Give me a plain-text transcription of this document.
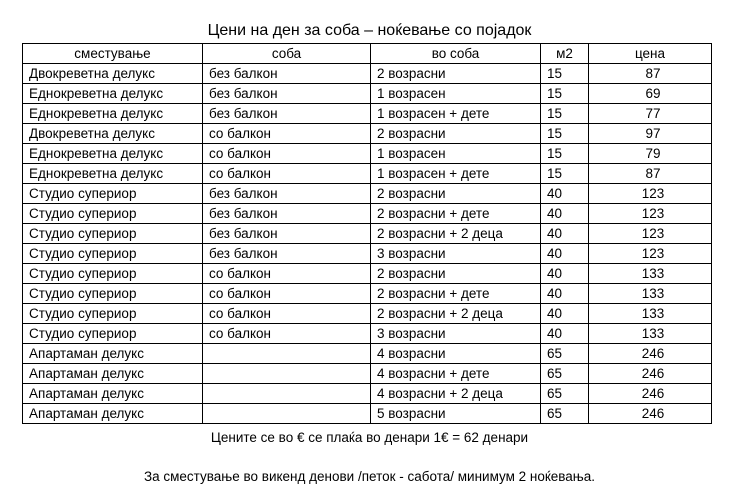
Цени на ден за соба – ноќевање со појадок
сместување	соба	во соба	м2	цена
Двокреветна делукс	без балкон	2 возрасни	15	87
Еднокреветна делукс	без балкон	1 возрасен	15	69
Еднокреветна делукс	без балкон	1 возрасен + дете	15	77
Двокреветна делукс	со балкон	2 возрасни	15	97
Еднокреветна делукс	со балкон	1 возрасен	15	79
Еднокреветна делукс	со балкон	1 возрасен + дете	15	87
Студио супериор	без балкон	2 возрасни	40	123
Студио супериор	без балкон	2 возрасни + дете	40	123
Студио супериор	без балкон	2 возрасни + 2 деца	40	123
Студио супериор	без балкон	3 возрасни	40	123
Студио супериор	со балкон	2 возрасни	40	133
Студио супериор	со балкон	2 возрасни + дете	40	133
Студио супериор	со балкон	2 возрасни + 2 деца	40	133
Студио супериор	со балкон	3 возрасни	40	133
Апартаман делукс		4 возрасни	65	246
Апартаман делукс		4 возрасни + дете	65	246
Апартаман делукс		4 возрасни + 2 деца	65	246
Апартаман делукс		5 возрасни	65	246
Цените се во € се плаќа во денари 1€ = 62 денари
За сместување во викенд денови /петок - сабота/ минимум 2 ноќевања.
